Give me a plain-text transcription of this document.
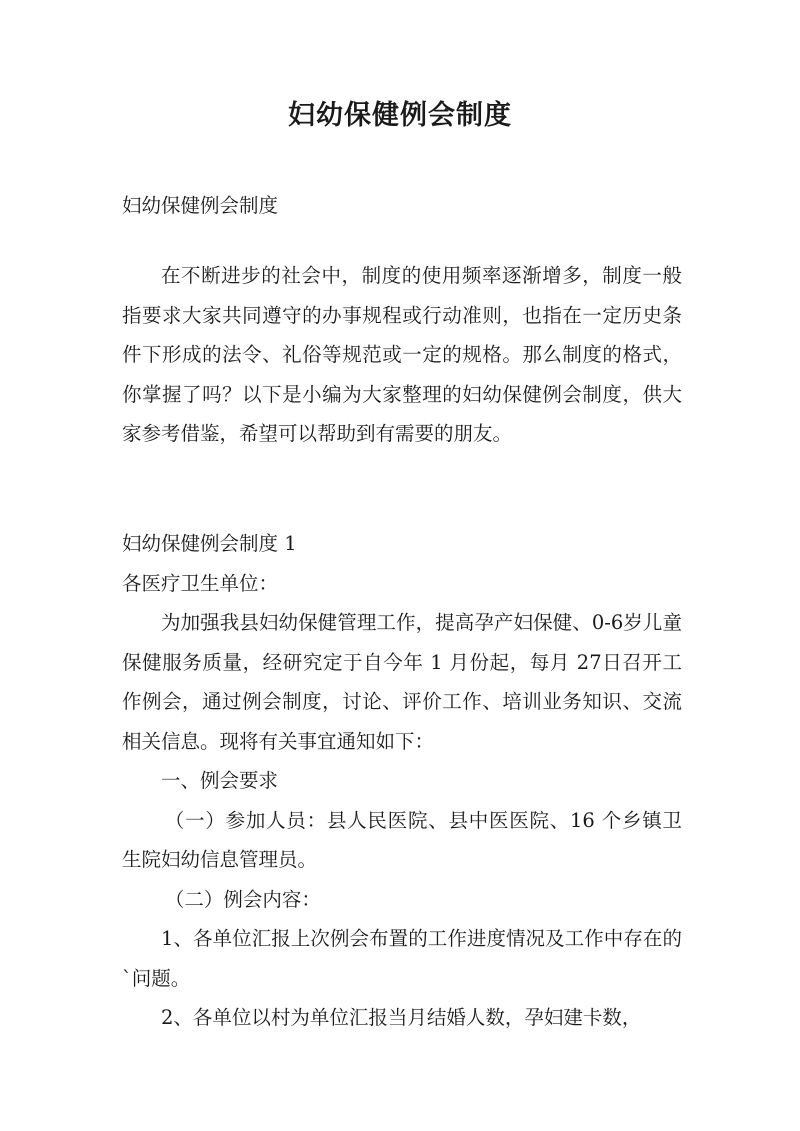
妇幼保健例会制度

妇幼保健例会制度

在不断进步的社会中，制度的使用频率逐渐增多，制度一般指要求大家共同遵守的办事规程或行动准则，也指在一定历史条件下形成的法令、礼俗等规范或一定的规格。那么制度的格式，你掌握了吗？以下是小编为大家整理的妇幼保健例会制度，供大家参考借鉴，希望可以帮助到有需要的朋友。

妇幼保健例会制度 1

各医疗卫生单位：

为加强我县妇幼保健管理工作，提高孕产妇保健、0-6岁儿童保健服务质量，经研究定于自今年 1 月份起，每月 27日召开工作例会，通过例会制度，讨论、评价工作、培训业务知识、交流相关信息。现将有关事宜通知如下：

一、例会要求

（一）参加人员：县人民医院、县中医医院、16 个乡镇卫生院妇幼信息管理员。

（二）例会内容：

1、各单位汇报上次例会布置的工作进度情况及工作中存在的`问题。

2、各单位以村为单位汇报当月结婚人数，孕妇建卡数，
